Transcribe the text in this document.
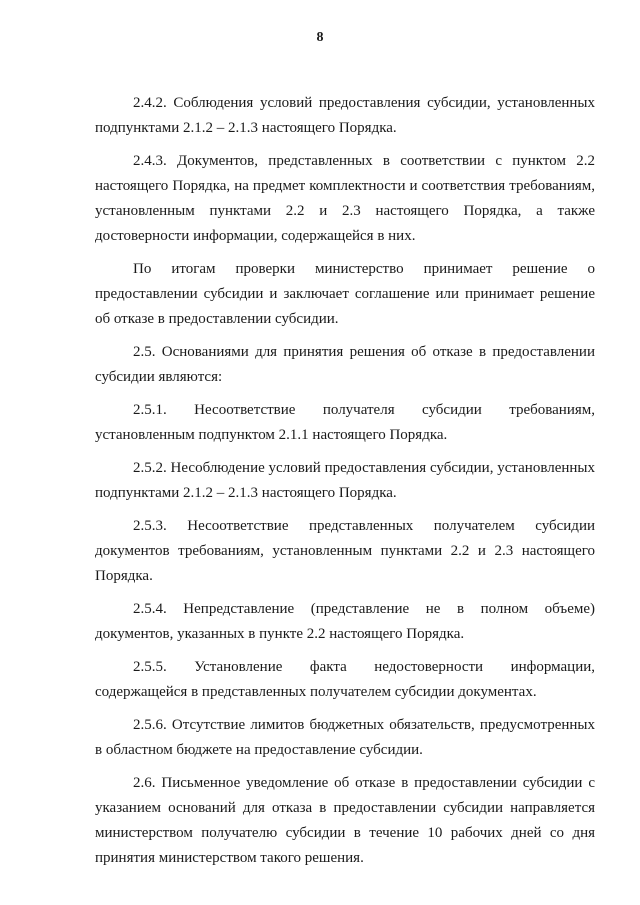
8

2.4.2. Соблюдения условий предоставления субсидии, установленных подпунктами 2.1.2 – 2.1.3 настоящего Порядка.

2.4.3. Документов, представленных в соответствии с пунктом 2.2 настоящего Порядка, на предмет комплектности и соответствия требованиям, установленным пунктами 2.2 и 2.3 настоящего Порядка, а также достоверности информации, содержащейся в них.

По итогам проверки министерство принимает решение о предоставлении субсидии и заключает соглашение или принимает решение об отказе в предоставлении субсидии.

2.5. Основаниями для принятия решения об отказе в предоставлении субсидии являются:

2.5.1. Несоответствие получателя субсидии требованиям, установленным подпунктом 2.1.1 настоящего Порядка.

2.5.2. Несоблюдение условий предоставления субсидии, установленных подпунктами 2.1.2 – 2.1.3 настоящего Порядка.

2.5.3. Несоответствие представленных получателем субсидии документов требованиям, установленным пунктами 2.2 и 2.3 настоящего Порядка.

2.5.4. Непредставление (представление не в полном объеме) документов, указанных в пункте 2.2 настоящего Порядка.

2.5.5. Установление факта недостоверности информации, содержащейся в представленных получателем субсидии документах.

2.5.6. Отсутствие лимитов бюджетных обязательств, предусмотренных в областном бюджете на предоставление субсидии.

2.6. Письменное уведомление об отказе в предоставлении субсидии с указанием оснований для отказа в предоставлении субсидии направляется министерством получателю субсидии в течение 10 рабочих дней со дня принятия министерством такого решения.
